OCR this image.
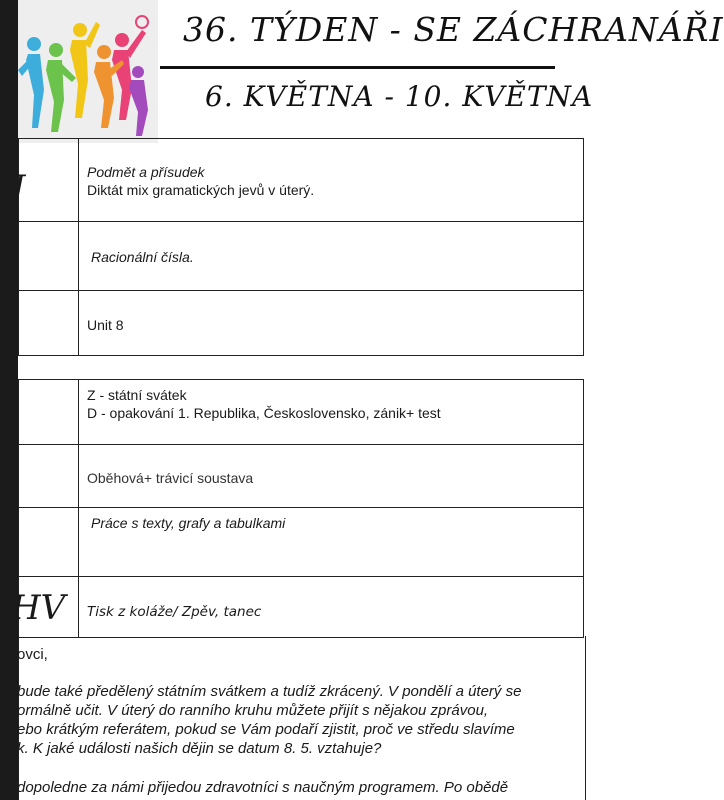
36. TÝDEN - SE ZÁCHRANÁŘI
6. KVĚTNA - 10. KVĚTNA
J	Podmět a přísudek
Diktát mix gramatických jevů v úterý.
Racionální čísla.
Unit 8
Z - státní svátek
D - opakování 1. Republika, Československo, zánik+ test
Oběhová+ trávicí soustava
.	Práce s texty, grafy a tabulkami
HV Tisk z koláže/ Zpěv, tanec
ovci,
bude také předělený státním svátkem a tudíž zkrácený. V pondělí a úterý se
ormálně učit. V úterý do ranního kruhu můžete přijít s nějakou zprávou,
ebo krátkým referátem, pokud se Vám podaří zjistit, proč ve středu slavíme
k. K jaké události našich dějin se datum 8. 5. vztahuje?
dopoledne za námi přijedou zdravotníci s naučným programem. Po obědě
